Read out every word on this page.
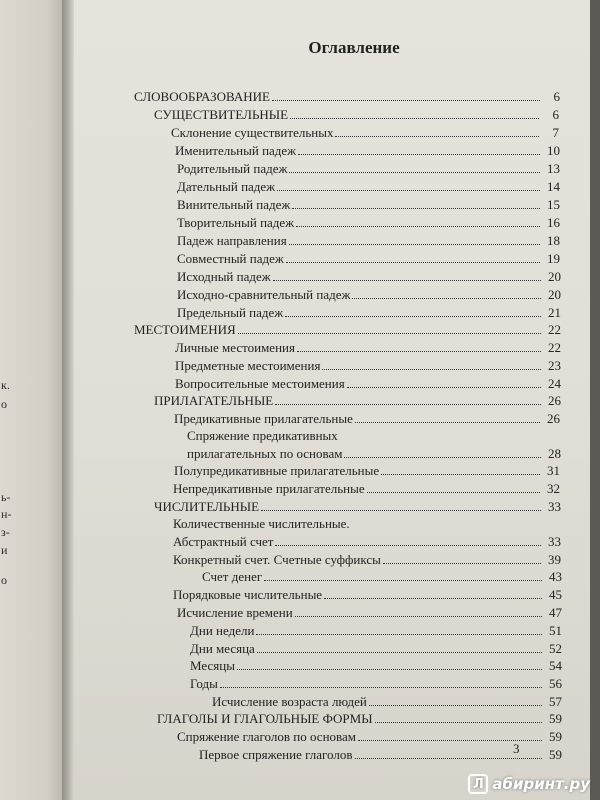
к.
о
ь-
н-
з-
и
о
Оглавление
СЛОВООБРАЗОВАНИЕ	6
СУЩЕСТВИТЕЛЬНЫЕ	6
Склонение существительных	7
Именительный падеж	10
Родительный падеж	13
Дательный падеж	14
Винительный падеж	15
Творительный падеж	16
Падеж направления	18
Совместный падеж	19
Исходный падеж	20
Исходно-сравнительный падеж	20
Предельный падеж	21
МЕСТОИМЕНИЯ	22
Личные местоимения	22
Предметные местоимения	23
Вопросительные местоимения	24
ПРИЛАГАТЕЛЬНЫЕ	26
Предикативные прилагательные	26
Спряжение предикативных
прилагательных по основам	28
Полупредикативные прилагательные	31
Непредикативные прилагательные	32
ЧИСЛИТЕЛЬНЫЕ	33
Количественные числительные.
Абстрактный счет	33
Конкретный счет. Счетные суффиксы	39
Счет денег	43
Порядковые числительные	45
Исчисление времени	47
Дни недели	51
Дни месяца	52
Месяцы	54
Годы	56
Исчисление возраста людей	57
ГЛАГОЛЫ И ГЛАГОЛЬНЫЕ ФОРМЫ	59
Спряжение глаголов по основам	59
Первое спряжение глаголов	59
3
Л абиринт.ру
